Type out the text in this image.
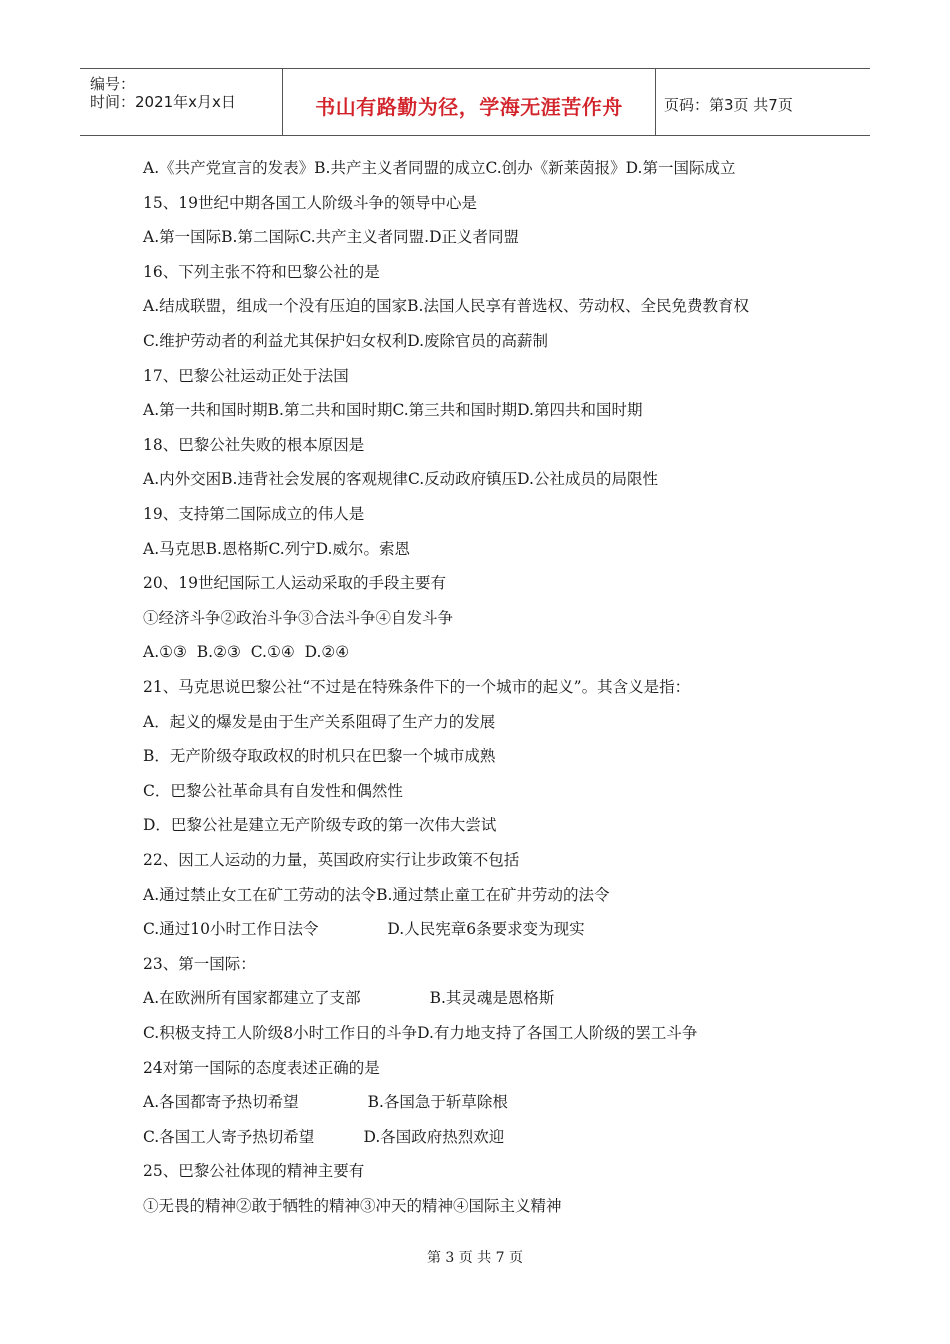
编号：
时间：2021年x月x日	书山有路勤为径，学海无涯苦作舟	页码：第3页 共7页
A.《共产党宣言的发表》B.共产主义者同盟的成立C.创办《新莱茵报》D.第一国际成立
15、19世纪中期各国工人阶级斗争的领导中心是
A.第一国际B.第二国际C.共产主义者同盟.D正义者同盟
16、下列主张不符和巴黎公社的是
A.结成联盟，组成一个没有压迫的国家B.法国人民享有普选权、劳动权、全民免费教育权
C.维护劳动者的利益尤其保护妇女权利D.废除官员的高薪制
17、巴黎公社运动正处于法国
A.第一共和国时期B.第二共和国时期C.第三共和国时期D.第四共和国时期
18、巴黎公社失败的根本原因是
A.内外交困B.违背社会发展的客观规律C.反动政府镇压D.公社成员的局限性
19、支持第二国际成立的伟人是
A.马克思B.恩格斯C.列宁D.威尔。索恩
20、19世纪国际工人运动采取的手段主要有
①经济斗争②政治斗争③合法斗争④自发斗争
A.①③  B.②③  C.①④  D.②④
21、马克思说巴黎公社“不过是在特殊条件下的一个城市的起义”。其含义是指：
A．起义的爆发是由于生产关系阻碍了生产力的发展
B．无产阶级夺取政权的时机只在巴黎一个城市成熟
C．巴黎公社革命具有自发性和偶然性
D．巴黎公社是建立无产阶级专政的第一次伟大尝试
22、因工人运动的力量，英国政府实行让步政策不包括
A.通过禁止女工在矿工劳动的法令B.通过禁止童工在矿井劳动的法令
C.通过10小时工作日法令              D.人民宪章6条要求变为现实
23、第一国际：
A.在欧洲所有国家都建立了支部              B.其灵魂是恩格斯
C.积极支持工人阶级8小时工作日的斗争D.有力地支持了各国工人阶级的罢工斗争
24对第一国际的态度表述正确的是
A.各国都寄予热切希望              B.各国急于斩草除根
C.各国工人寄予热切希望          D.各国政府热烈欢迎
25、巴黎公社体现的精神主要有
①无畏的精神②敢于牺牲的精神③冲天的精神④国际主义精神
第 3 页 共 7 页
